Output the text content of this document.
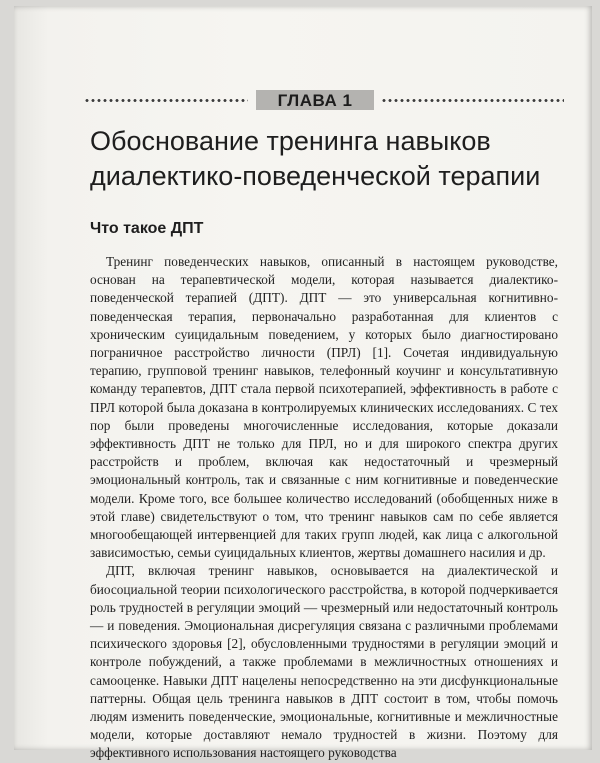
ГЛАВА 1
Обоснование тренинга навыков
диалектико-поведенческой терапии
Что такое ДПТ

Тренинг поведенческих навыков, описанный в настоящем руководстве, основан на терапевтической модели, которая называется диалектико-поведенческой терапией (ДПТ). ДПТ — это универсальная когнитивно-поведенческая терапия, первоначально разработанная для клиентов с хроническим суицидальным поведением, у которых было диагностировано пограничное расстройство личности (ПРЛ) [1]. Сочетая индивидуальную терапию, групповой тренинг навыков, телефонный коучинг и консультативную команду терапевтов, ДПТ стала первой психотерапией, эффективность в работе с ПРЛ которой была доказана в контролируемых клинических исследованиях. С тех пор были проведены многочисленные исследования, которые доказали эффективность ДПТ не только для ПРЛ, но и для широкого спектра других расстройств и проблем, включая как недостаточный и чрезмерный эмоциональный контроль, так и связанные с ним когнитивные и поведенческие модели. Кроме того, все большее количество исследований (обобщенных ниже в этой главе) свидетельствуют о том, что тренинг навыков сам по себе является многообещающей интервенцией для таких групп людей, как лица с алкогольной зависимостью, семьи суицидальных клиентов, жертвы домашнего насилия и др.

ДПТ, включая тренинг навыков, основывается на диалектической и биосоциальной теории психологического расстройства, в которой подчеркивается роль трудностей в регуляции эмоций — чрезмерный или недостаточный контроль — и поведения. Эмоциональная дисрегуляция связана с различными проблемами психического здоровья [2], обусловленными трудностями в регуляции эмоций и контроле побуждений, а также проблемами в межличностных отношениях и самооценке. Навыки ДПТ нацелены непосредственно на эти дисфункциональные паттерны. Общая цель тренинга навыков в ДПТ состоит в том, чтобы помочь людям изменить поведенческие, эмоциональные, когнитивные и межличностные модели, которые доставляют немало трудностей в жизни. Поэтому для эффективного использования настоящего руководства
